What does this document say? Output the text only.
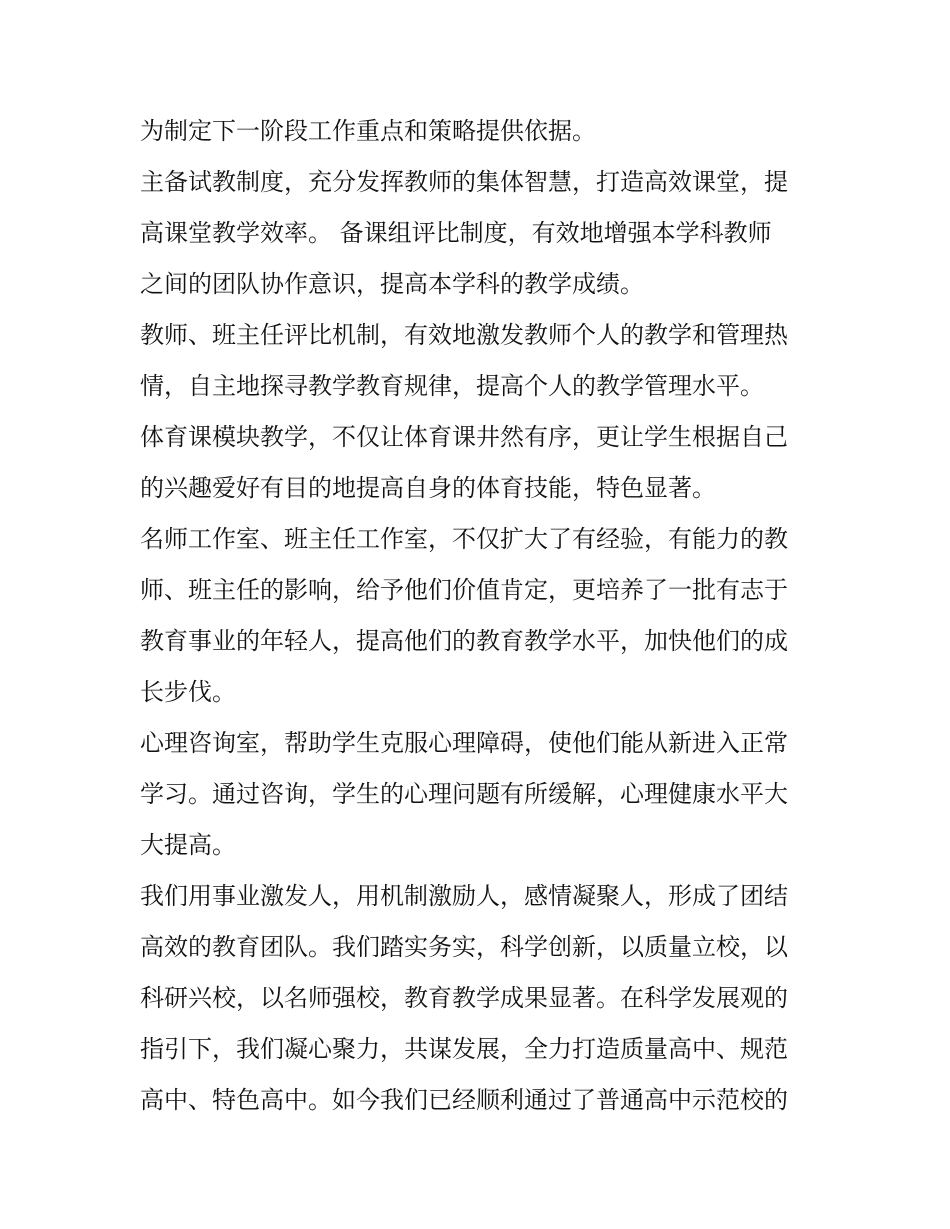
为制定下一阶段工作重点和策略提供依据。
主备试教制度，充分发挥教师的集体智慧，打造高效课堂，提
高课堂教学效率。 备课组评比制度，有效地增强本学科教师
之间的团队协作意识，提高本学科的教学成绩。
教师、班主任评比机制，有效地激发教师个人的教学和管理热
情，自主地探寻教学教育规律，提高个人的教学管理水平。
体育课模块教学，不仅让体育课井然有序，更让学生根据自己
的兴趣爱好有目的地提高自身的体育技能，特色显著。
名师工作室、班主任工作室，不仅扩大了有经验，有能力的教
师、班主任的影响，给予他们价值肯定，更培养了一批有志于
教育事业的年轻人，提高他们的教育教学水平，加快他们的成
长步伐。
心理咨询室，帮助学生克服心理障碍，使他们能从新进入正常
学习。通过咨询，学生的心理问题有所缓解，心理健康水平大
大提高。
我们用事业激发人，用机制激励人，感情凝聚人，形成了团结
高效的教育团队。我们踏实务实，科学创新，以质量立校，以
科研兴校，以名师强校，教育教学成果显著。在科学发展观的
指引下，我们凝心聚力，共谋发展，全力打造质量高中、规范
高中、特色高中。如今我们已经顺利通过了普通高中示范校的
